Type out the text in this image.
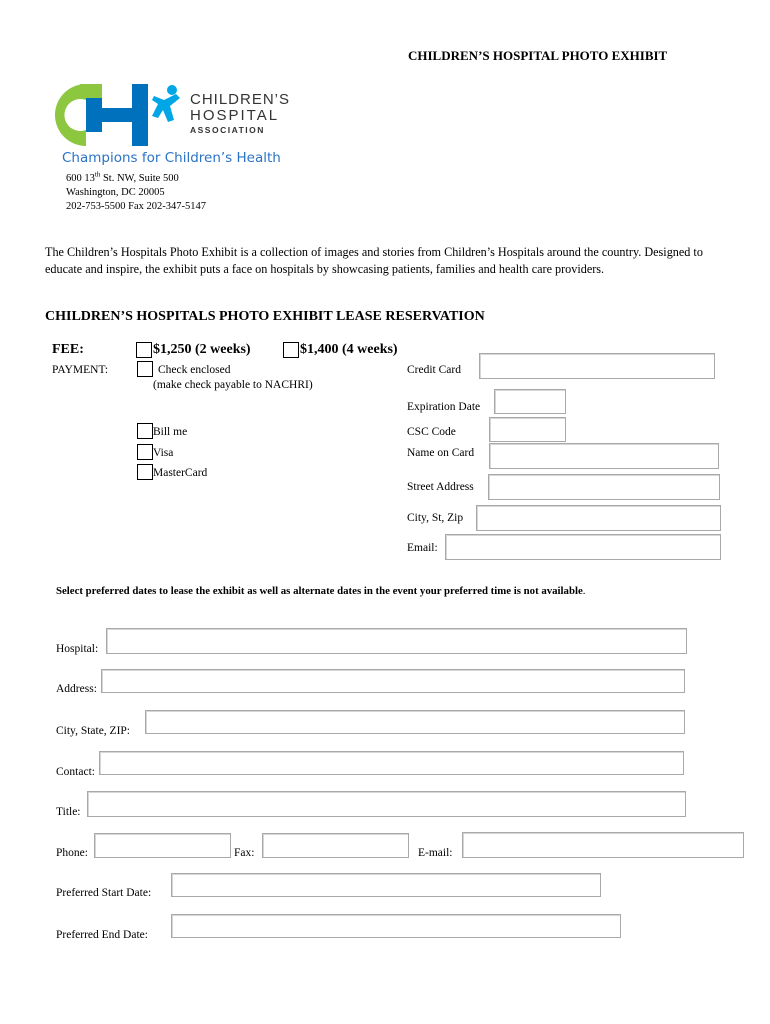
CHILDREN’S HOSPITAL PHOTO EXHIBIT
CHILDREN’S
HOSPITAL
ASSOCIATION
Champions for Children’s Health
600 13th St. NW, Suite 500
Washington, DC 20005
202-753-5500 Fax 202-347-5147
The Children’s Hospitals Photo Exhibit is a collection of images and stories from Children’s Hospitals around the country. Designed to educate and inspire, the exhibit puts a face on hospitals by showcasing patients, families and health care providers.
CHILDREN’S HOSPITALS PHOTO EXHIBIT LEASE RESERVATION
FEE:	$1,250 (2 weeks)	$1,400 (4 weeks)
PAYMENT:	Check enclosed
(make check payable to NACHRI)
Bill me
Visa
MasterCard
Credit Card
Expiration Date
CSC Code
Name on Card
Street Address
City, St, Zip
Email:
Select preferred dates to lease the exhibit as well as alternate dates in the event your preferred time is not available.
Hospital:
Address:
City, State, ZIP:
Contact:
Title:
Phone:	Fax:	E-mail:
Preferred Start Date:
Preferred End Date:
